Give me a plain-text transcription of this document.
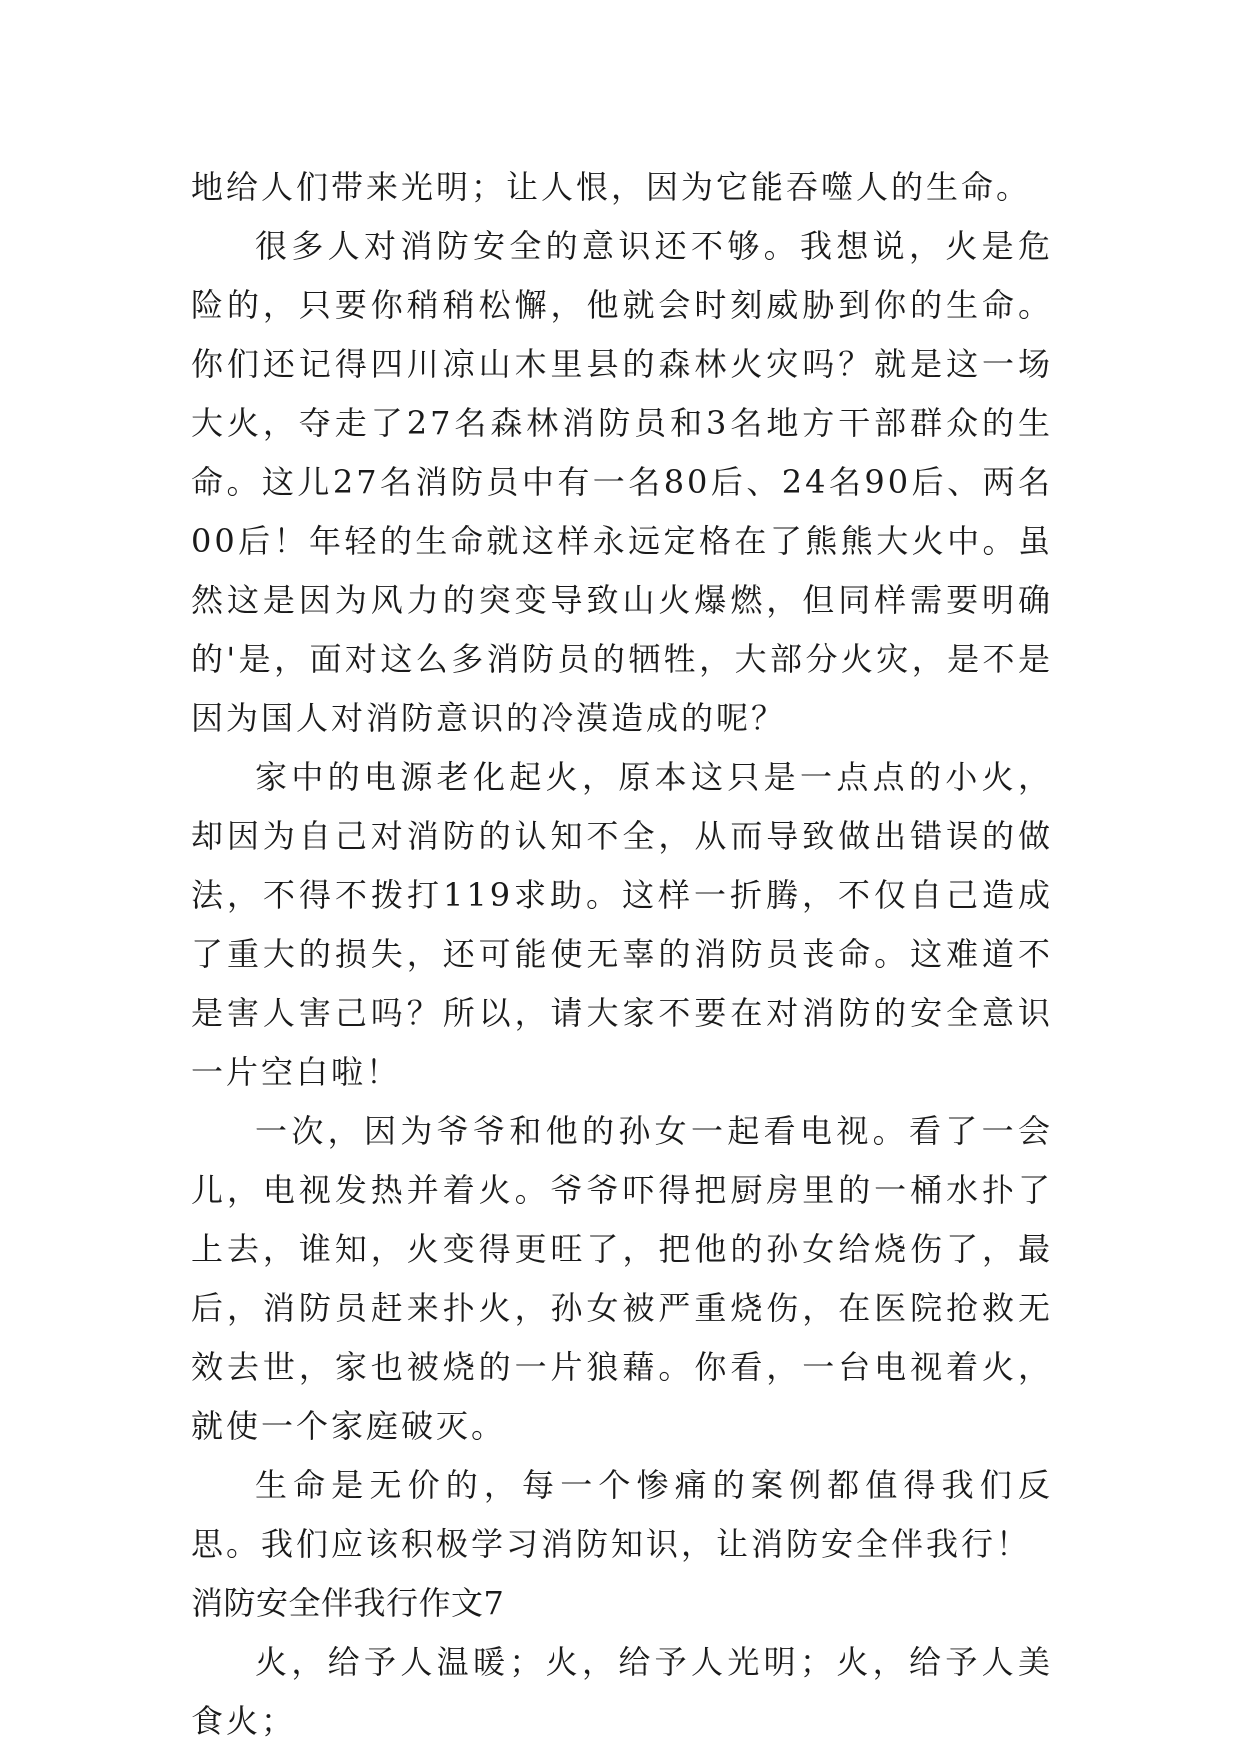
地给人们带来光明；让人恨，因为它能吞噬人的生命。

很多人对消防安全的意识还不够。我想说，火是危险的，只要你稍稍松懈，他就会时刻威胁到你的生命。你们还记得四川凉山木里县的森林火灾吗？就是这一场大火，夺走了27名森林消防员和3名地方干部群众的生命。这儿27名消防员中有一名80后、24名90后、两名00后！年轻的生命就这样永远定格在了熊熊大火中。虽然这是因为风力的突变导致山火爆燃，但同样需要明确的'是，面对这么多消防员的牺牲，大部分火灾，是不是因为国人对消防意识的冷漠造成的呢？

家中的电源老化起火，原本这只是一点点的小火，却因为自己对消防的认知不全，从而导致做出错误的做法，不得不拨打119求助。这样一折腾，不仅自己造成了重大的损失，还可能使无辜的消防员丧命。这难道不是害人害己吗？所以，请大家不要在对消防的安全意识一片空白啦！

一次，因为爷爷和他的孙女一起看电视。看了一会儿，电视发热并着火。爷爷吓得把厨房里的一桶水扑了上去，谁知，火变得更旺了，把他的孙女给烧伤了，最后，消防员赶来扑火，孙女被严重烧伤，在医院抢救无效去世，家也被烧的一片狼藉。你看，一台电视着火，就使一个家庭破灭。

生命是无价的，每一个惨痛的案例都值得我们反思。我们应该积极学习消防知识，让消防安全伴我行！

消防安全伴我行作文7

火，给予人温暖；火，给予人光明；火，给予人美食火；
